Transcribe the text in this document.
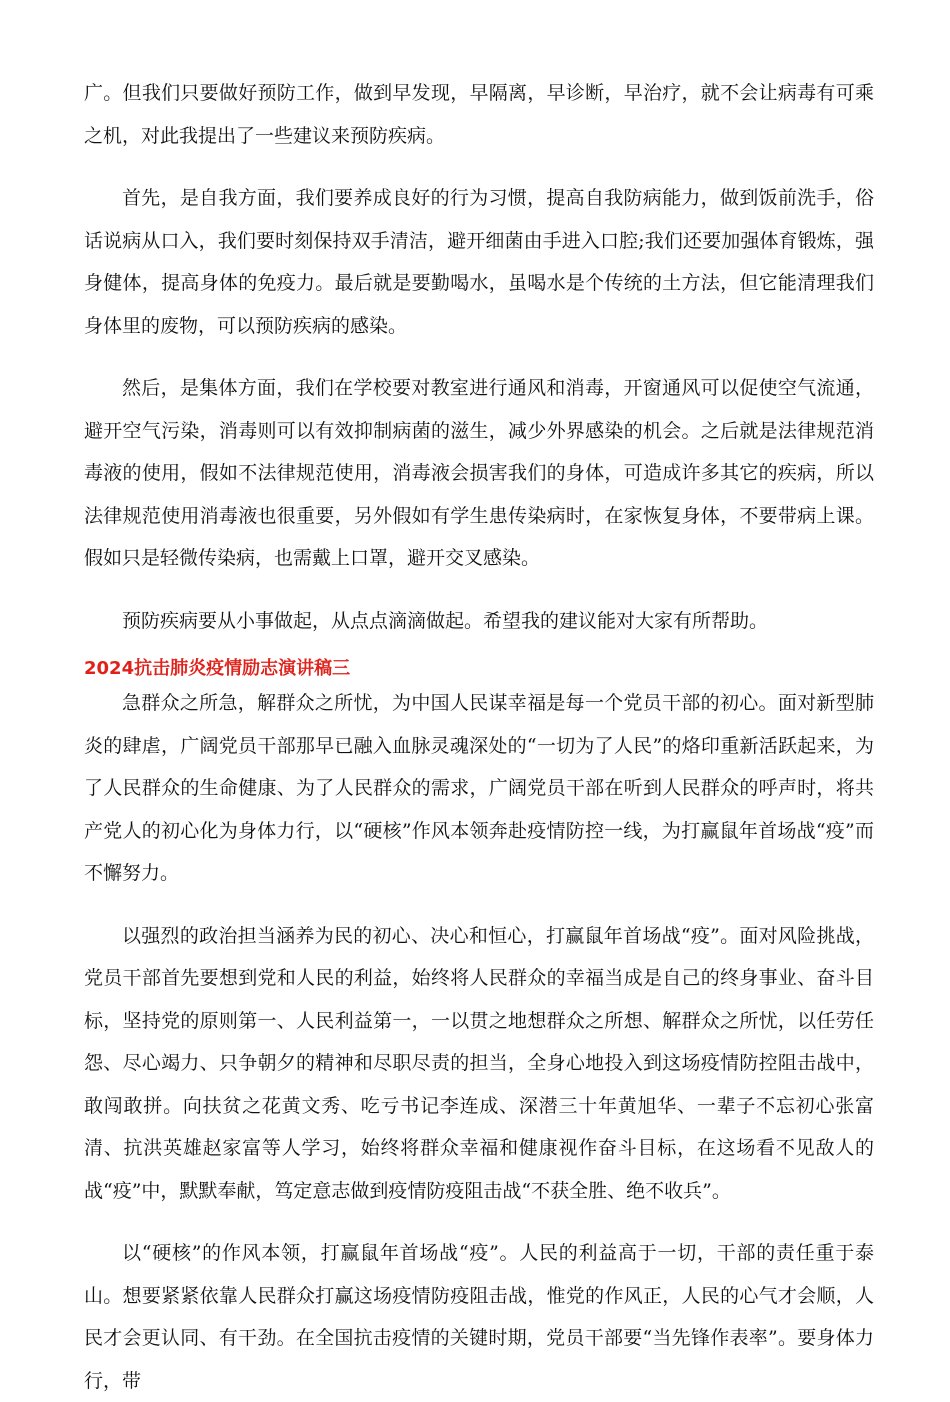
广。但我们只要做好预防工作，做到早发现，早隔离，早诊断，早治疗，就不会让病毒有可乘之机，对此我提出了一些建议来预防疾病。

首先，是自我方面，我们要养成良好的行为习惯，提高自我防病能力，做到饭前洗手，俗话说病从口入，我们要时刻保持双手清洁，避开细菌由手进入口腔;我们还要加强体育锻炼，强身健体，提高身体的免疫力。最后就是要勤喝水，虽喝水是个传统的土方法，但它能清理我们身体里的废物，可以预防疾病的感染。

然后，是集体方面，我们在学校要对教室进行通风和消毒，开窗通风可以促使空气流通，避开空气污染，消毒则可以有效抑制病菌的滋生，减少外界感染的机会。之后就是法律规范消毒液的使用，假如不法律规范使用，消毒液会损害我们的身体，可造成许多其它的疾病，所以法律规范使用消毒液也很重要，另外假如有学生患传染病时，在家恢复身体，不要带病上课。假如只是轻微传染病，也需戴上口罩，避开交叉感染。

预防疾病要从小事做起，从点点滴滴做起。希望我的建议能对大家有所帮助。

2024抗击肺炎疫情励志演讲稿三

急群众之所急，解群众之所忧，为中国人民谋幸福是每一个党员干部的初心。面对新型肺炎的肆虐，广阔党员干部那早已融入血脉灵魂深处的“一切为了人民”的烙印重新活跃起来，为了人民群众的生命健康、为了人民群众的需求，广阔党员干部在听到人民群众的呼声时，将共产党人的初心化为身体力行，以“硬核”作风本领奔赴疫情防控一线，为打赢鼠年首场战“疫”而不懈努力。

以强烈的政治担当涵养为民的初心、决心和恒心，打赢鼠年首场战“疫”。面对风险挑战，党员干部首先要想到党和人民的利益，始终将人民群众的幸福当成是自己的终身事业、奋斗目标，坚持党的原则第一、人民利益第一，一以贯之地想群众之所想、解群众之所忧，以任劳任怨、尽心竭力、只争朝夕的精神和尽职尽责的担当，全身心地投入到这场疫情防控阻击战中，敢闯敢拼。向扶贫之花黄文秀、吃亏书记李连成、深潜三十年黄旭华、一辈子不忘初心张富清、抗洪英雄赵家富等人学习，始终将群众幸福和健康视作奋斗目标，在这场看不见敌人的战“疫”中，默默奉献，笃定意志做到疫情防疫阻击战“不获全胜、绝不收兵”。

以“硬核”的作风本领，打赢鼠年首场战“疫”。人民的利益高于一切，干部的责任重于泰山。想要紧紧依靠人民群众打赢这场疫情防疫阻击战，惟党的作风正，人民的心气才会顺，人民才会更认同、有干劲。在全国抗击疫情的关键时期，党员干部要“当先锋作表率”。要身体力行，带
